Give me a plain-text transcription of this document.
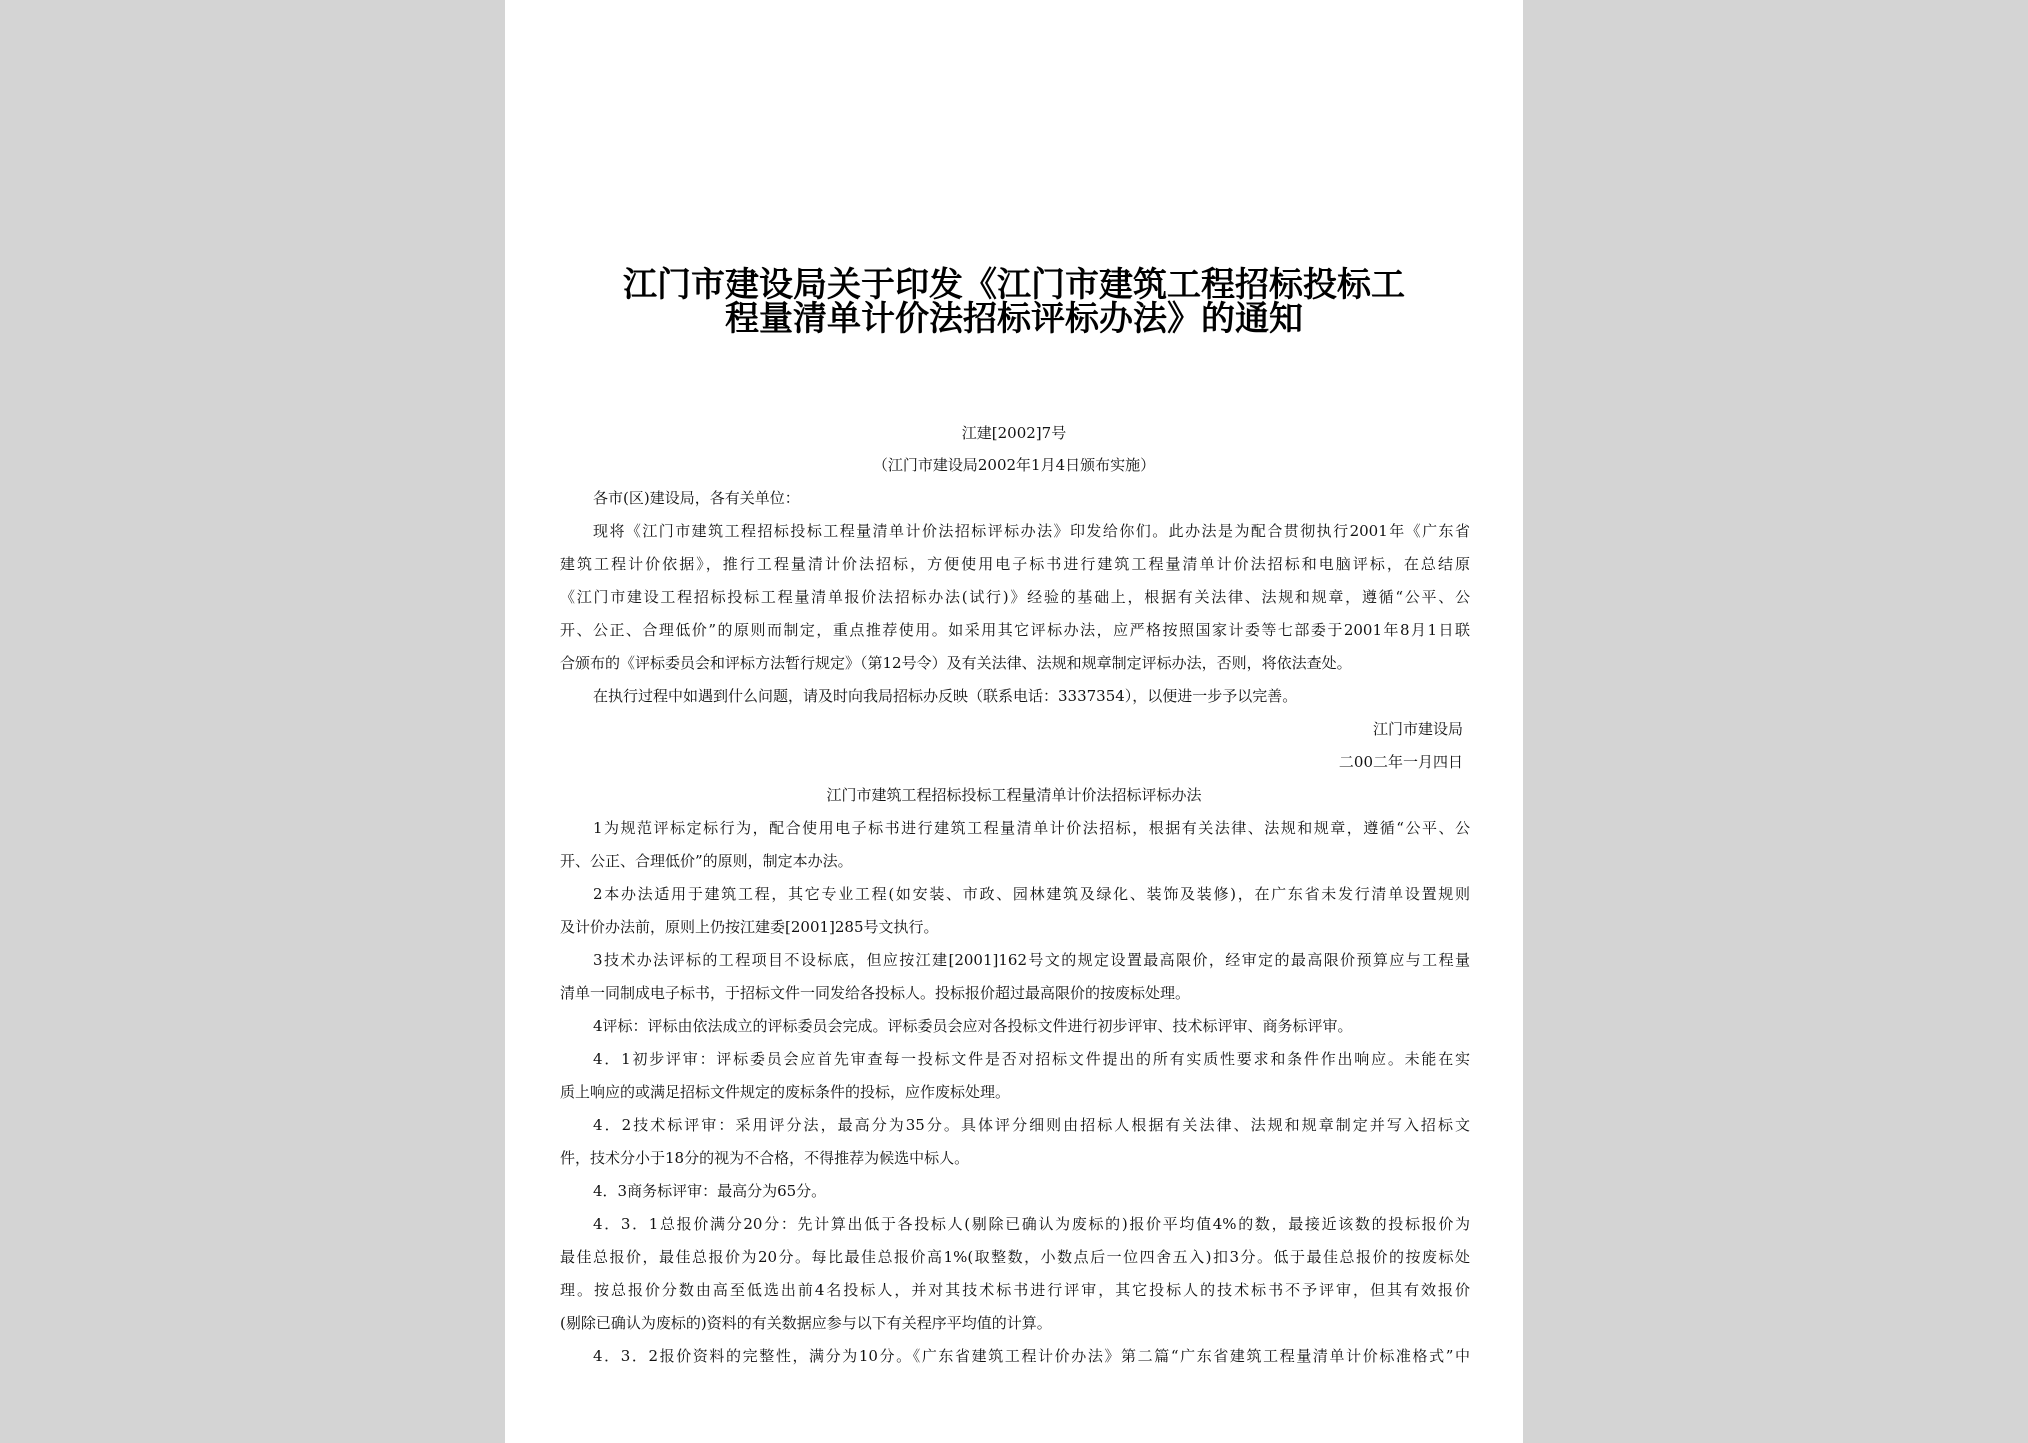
江门市建设局关于印发《江门市建筑工程招标投标工
程量清单计价法招标评标办法》的通知
江建[2002]7号
（江门市建设局2002年1月4日颁布实施）
各市(区)建设局，各有关单位：
现将《江门市建筑工程招标投标工程量清单计价法招标评标办法》印发给你们。此办法是为配合贯彻执行2001年《广东省
建筑工程计价依据》，推行工程量清计价法招标，方便使用电子标书进行建筑工程量清单计价法招标和电脑评标，在总结原
《江门市建设工程招标投标工程量清单报价法招标办法(试行)》经验的基础上，根据有关法律、法规和规章，遵循“公平、公
开、公正、合理低价”的原则而制定，重点推荐使用。如采用其它评标办法，应严格按照国家计委等七部委于2001年8月1日联
合颁布的《评标委员会和评标方法暂行规定》（第12号令）及有关法律、法规和规章制定评标办法，否则，将依法查处。
在执行过程中如遇到什么问题，请及时向我局招标办反映（联系电话：3337354），以便进一步予以完善。
江门市建设局
二00二年一月四日
江门市建筑工程招标投标工程量清单计价法招标评标办法
1为规范评标定标行为，配合使用电子标书进行建筑工程量清单计价法招标，根据有关法律、法规和规章，遵循“公平、公
开、公正、合理低价”的原则，制定本办法。
2本办法适用于建筑工程，其它专业工程(如安装、市政、园林建筑及绿化、装饰及装修)，在广东省未发行清单设置规则
及计价办法前，原则上仍按江建委[2001]285号文执行。
3技术办法评标的工程项目不设标底，但应按江建[2001]162号文的规定设置最高限价，经审定的最高限价预算应与工程量
清单一同制成电子标书，于招标文件一同发给各投标人。投标报价超过最高限价的按废标处理。
4评标：评标由依法成立的评标委员会完成。评标委员会应对各投标文件进行初步评审、技术标评审、商务标评审。
4．1初步评审：评标委员会应首先审查每一投标文件是否对招标文件提出的所有实质性要求和条件作出响应。未能在实
质上响应的或满足招标文件规定的废标条件的投标，应作废标处理。
4．2技术标评审：采用评分法，最高分为35分。具体评分细则由招标人根据有关法律、法规和规章制定并写入招标文
件，技术分小于18分的视为不合格，不得推荐为候选中标人。
4．3商务标评审：最高分为65分。
4．3．1总报价满分20分：先计算出低于各投标人(剔除已确认为废标的)报价平均值4%的数，最接近该数的投标报价为
最佳总报价，最佳总报价为20分。每比最佳总报价高1%(取整数，小数点后一位四舍五入)扣3分。低于最佳总报价的按废标处
理。按总报价分数由高至低选出前4名投标人，并对其技术标书进行评审，其它投标人的技术标书不予评审，但其有效报价
(剔除已确认为废标的)资料的有关数据应参与以下有关程序平均值的计算。
4．3．2报价资料的完整性，满分为10分。《广东省建筑工程计价办法》第二篇“广东省建筑工程量清单计价标准格式”中
